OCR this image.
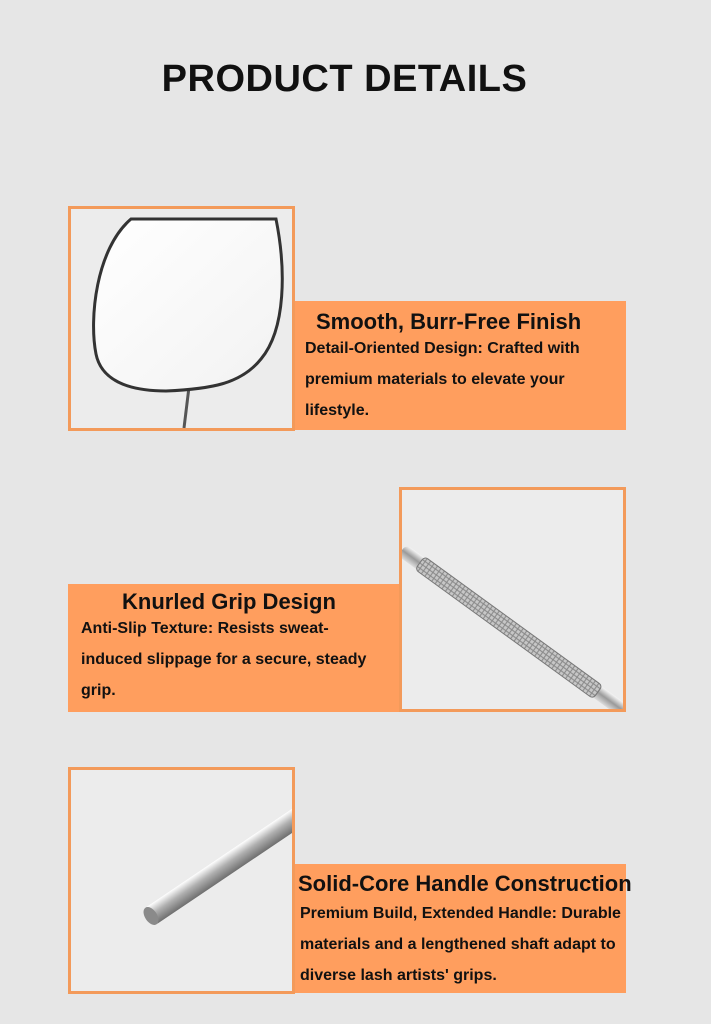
PRODUCT DETAILS
Smooth, Burr-Free Finish
Detail-Oriented Design: Crafted with
premium materials to elevate your
lifestyle.
Knurled Grip Design
Anti-Slip Texture: Resists sweat-
induced slippage for a secure, steady
grip.
Solid-Core Handle Construction
Premium Build, Extended Handle: Durable
materials and a lengthened shaft adapt to
diverse lash artists' grips.
